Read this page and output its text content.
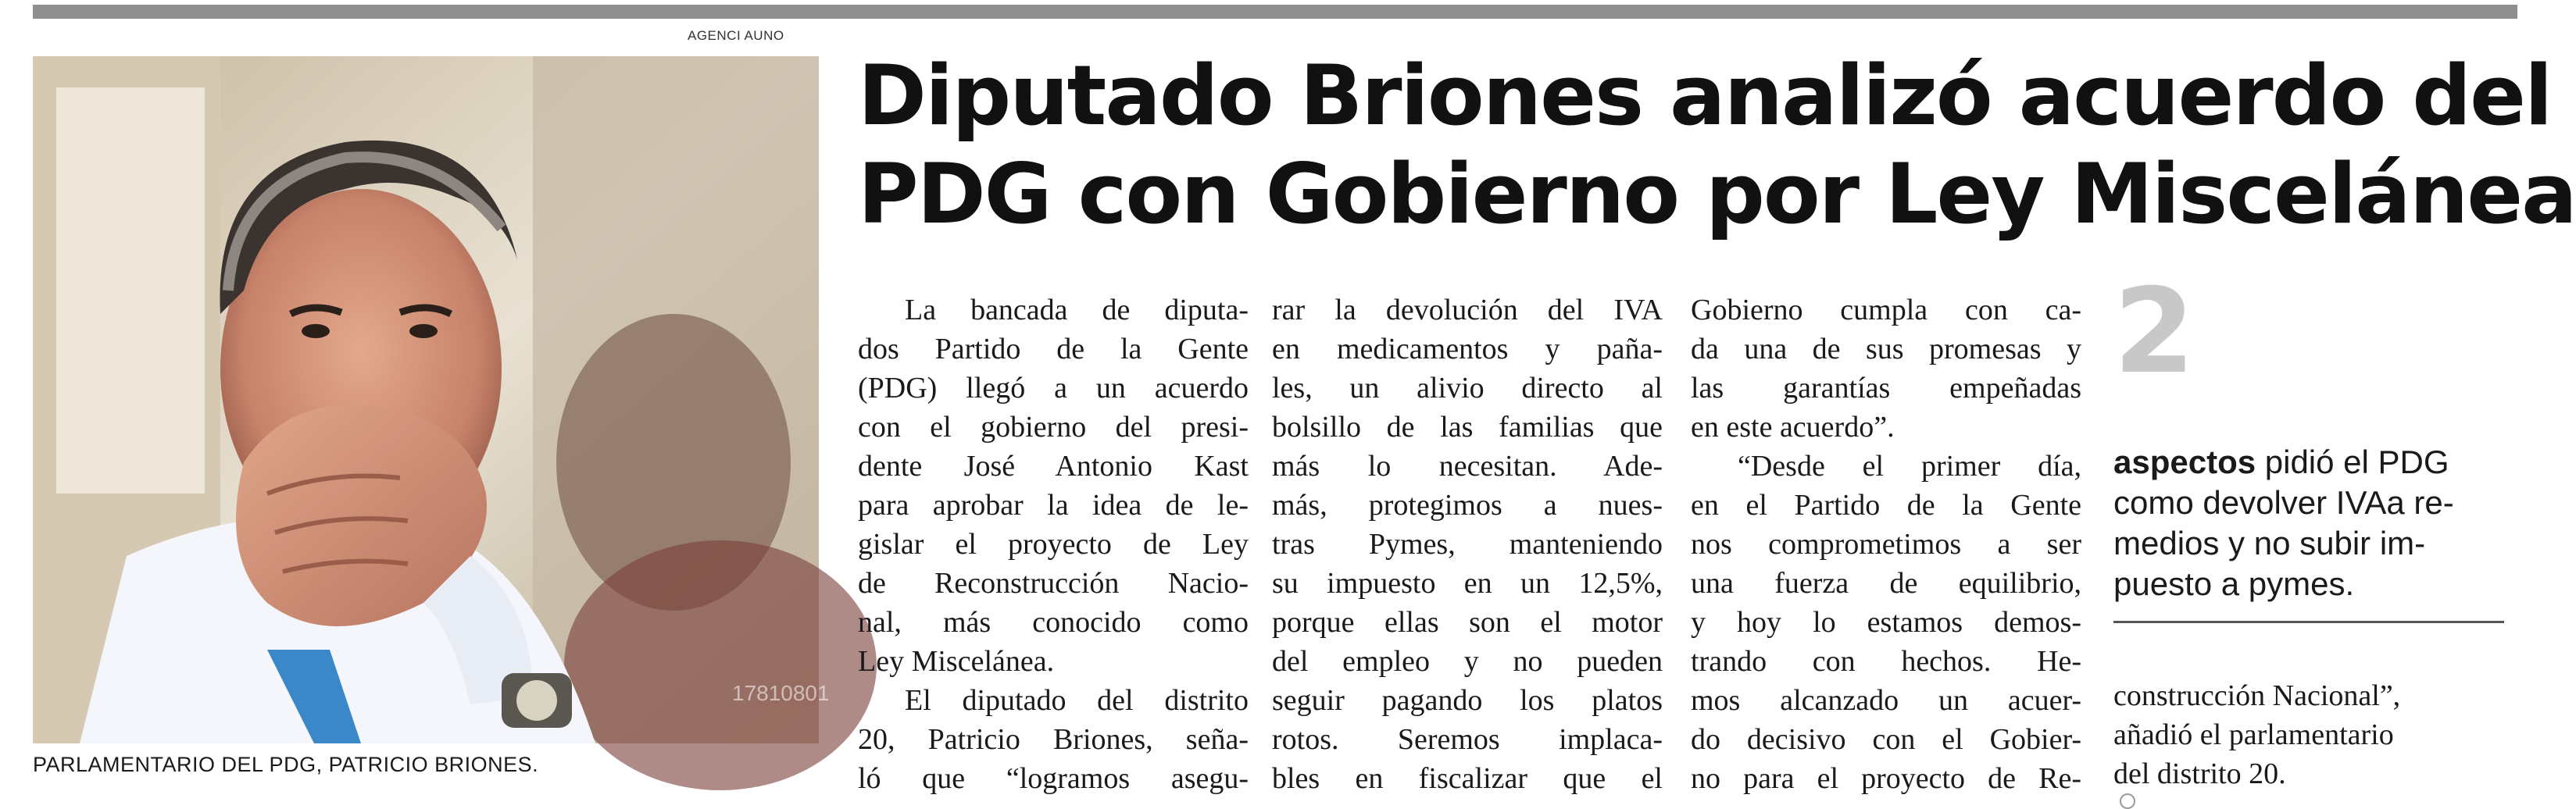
AGENCI AUNO
17810801
PARLAMENTARIO DEL PDG, PATRICIO BRIONES.
Diputado Briones analizó acuerdo del
PDG con Gobierno por Ley Miscelánea

La bancada de diputa-
dos Partido de la Gente
(PDG) llegó a un acuerdo
con el gobierno del presi-
dente José Antonio Kast
para aprobar la idea de le-
gislar el proyecto de Ley
de Reconstrucción Nacio-
nal, más conocido como
Ley Miscelánea.

El diputado del distrito
20, Patricio Briones, seña-
ló que “logramos asegu-

rar la devolución del IVA
en medicamentos y paña-
les, un alivio directo al
bolsillo de las familias que
más lo necesitan. Ade-
más, protegimos a nues-
tras Pymes, manteniendo
su impuesto en un 12,5%,
porque ellas son el motor
del empleo y no pueden
seguir pagando los platos
rotos. Seremos implaca-
bles en fiscalizar que el

Gobierno cumpla con ca-
da una de sus promesas y
las garantías empeñadas
en este acuerdo”.

“Desde el primer día,
en el Partido de la Gente
nos comprometimos a ser
una fuerza de equilibrio,
y hoy lo estamos demos-
trando con hechos. He-
mos alcanzado un acuer-
do decisivo con el Gobier-
no para el proyecto de Re-

2
aspectos pidió el PDG
como devolver IVAa re-
medios y no subir im-
puesto a pymes.
construcción Nacional”,
añadió el parlamentario
del distrito 20.
